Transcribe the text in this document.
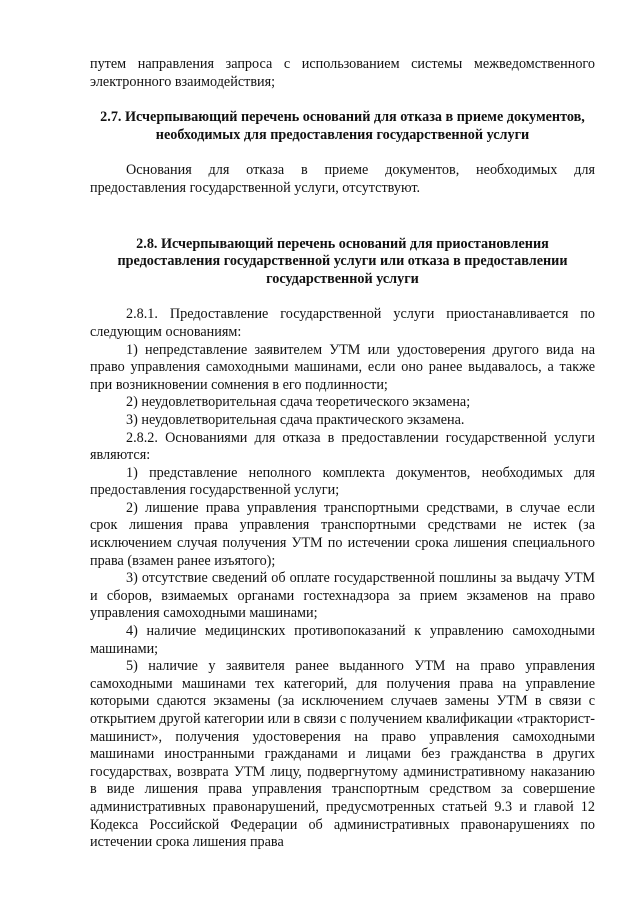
путем направления запроса с использованием системы межведомственного электронного взаимодействия;

2.7. Исчерпывающий перечень оснований для отказа в приеме документов, необходимых для предоставления государственной услуги

Основания для отказа в приеме документов, необходимых для предоставления государственной услуги, отсутствуют.

2.8. Исчерпывающий перечень оснований для приостановления предоставления государственной услуги или отказа в предоставлении государственной услуги

2.8.1. Предоставление государственной услуги приостанавливается по следующим основаниям:

1) непредставление заявителем УТМ или удостоверения другого вида на право управления самоходными машинами, если оно ранее выдавалось, а также при возникновении сомнения в его подлинности;

2) неудовлетворительная сдача теоретического экзамена;

3) неудовлетворительная сдача практического экзамена.

2.8.2. Основаниями для отказа в предоставлении государственной услуги являются:

1) представление неполного комплекта документов, необходимых для предоставления государственной услуги;

2) лишение права управления транспортными средствами, в случае если срок лишения права управления транспортными средствами не истек (за исключением случая получения УТМ по истечении срока лишения специального права (взамен ранее изъятого);

3) отсутствие сведений об оплате государственной пошлины за выдачу УТМ и сборов, взимаемых органами гостехнадзора за прием экзаменов на право управления самоходными машинами;

4) наличие медицинских противопоказаний к управлению самоходными машинами;

5) наличие у заявителя ранее выданного УТМ на право управления самоходными машинами тех категорий, для получения права на управление которыми сдаются экзамены (за исключением случаев замены УТМ в связи с открытием другой категории или в связи с получением квалификации «тракторист-машинист», получения удостоверения на право управления самоходными машинами иностранными гражданами и лицами без гражданства в других государствах, возврата УТМ лицу, подвергнутому административному наказанию в виде лишения права управления транспортным средством за совершение административных правонарушений, предусмотренных статьей 9.3 и главой 12 Кодекса Российской Федерации об административных правонарушениях по истечении срока лишения права
